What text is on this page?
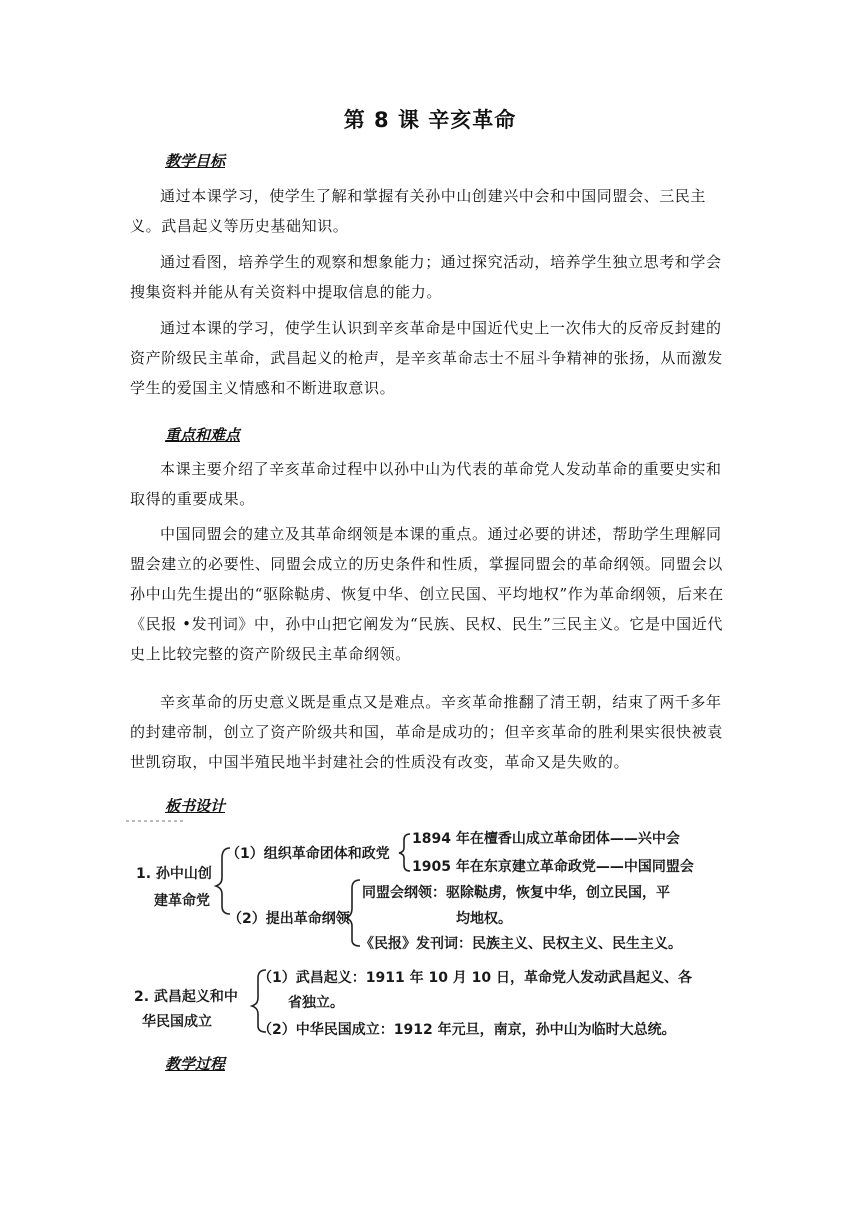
第 8 课 辛亥革命
教学目标

通过本课学习，使学生了解和掌握有关孙中山创建兴中会和中国同盟会、三民主义。武昌起义等历史基础知识。

通过看图，培养学生的观察和想象能力；通过探究活动，培养学生独立思考和学会搜集资料并能从有关资料中提取信息的能力。

通过本课的学习，使学生认识到辛亥革命是中国近代史上一次伟大的反帝反封建的资产阶级民主革命，武昌起义的枪声，是辛亥革命志士不屈斗争精神的张扬，从而激发学生的爱国主义情感和不断进取意识。

重点和难点

本课主要介绍了辛亥革命过程中以孙中山为代表的革命党人发动革命的重要史实和取得的重要成果。

中国同盟会的建立及其革命纲领是本课的重点。通过必要的讲述，帮助学生理解同盟会建立的必要性、同盟会成立的历史条件和性质，掌握同盟会的革命纲领。同盟会以孙中山先生提出的“驱除鞑虏、恢复中华、创立民国、平均地权”作为革命纲领，后来在《民报 •发刊词》中，孙中山把它阐发为“民族、民权、民生”三民主义。它是中国近代史上比较完整的资产阶级民主革命纲领。

辛亥革命的历史意义既是重点又是难点。辛亥革命推翻了清王朝，结束了两千多年的封建帝制，创立了资产阶级共和国，革命是成功的；但辛亥革命的胜利果实很快被袁世凯窃取，中国半殖民地半封建社会的性质没有改变，革命又是失败的。

板书设计
1. 孙中山创
建革命党
（1）组织革命团体和政党
1894 年在檀香山成立革命团体——兴中会
1905 年在东京建立革命政党——中国同盟会
（2）提出革命纲领
同盟会纲领：驱除鞑虏，恢复中华，创立民国，平
均地权。
《民报》发刊词：民族主义、民权主义、民生主义。
2. 武昌起义和中
华民国成立
（1）武昌起义：1911 年 10 月 10 日，革命党人发动武昌起义、各
省独立。
（2）中华民国成立：1912 年元旦，南京，孙中山为临时大总统。
教学过程
